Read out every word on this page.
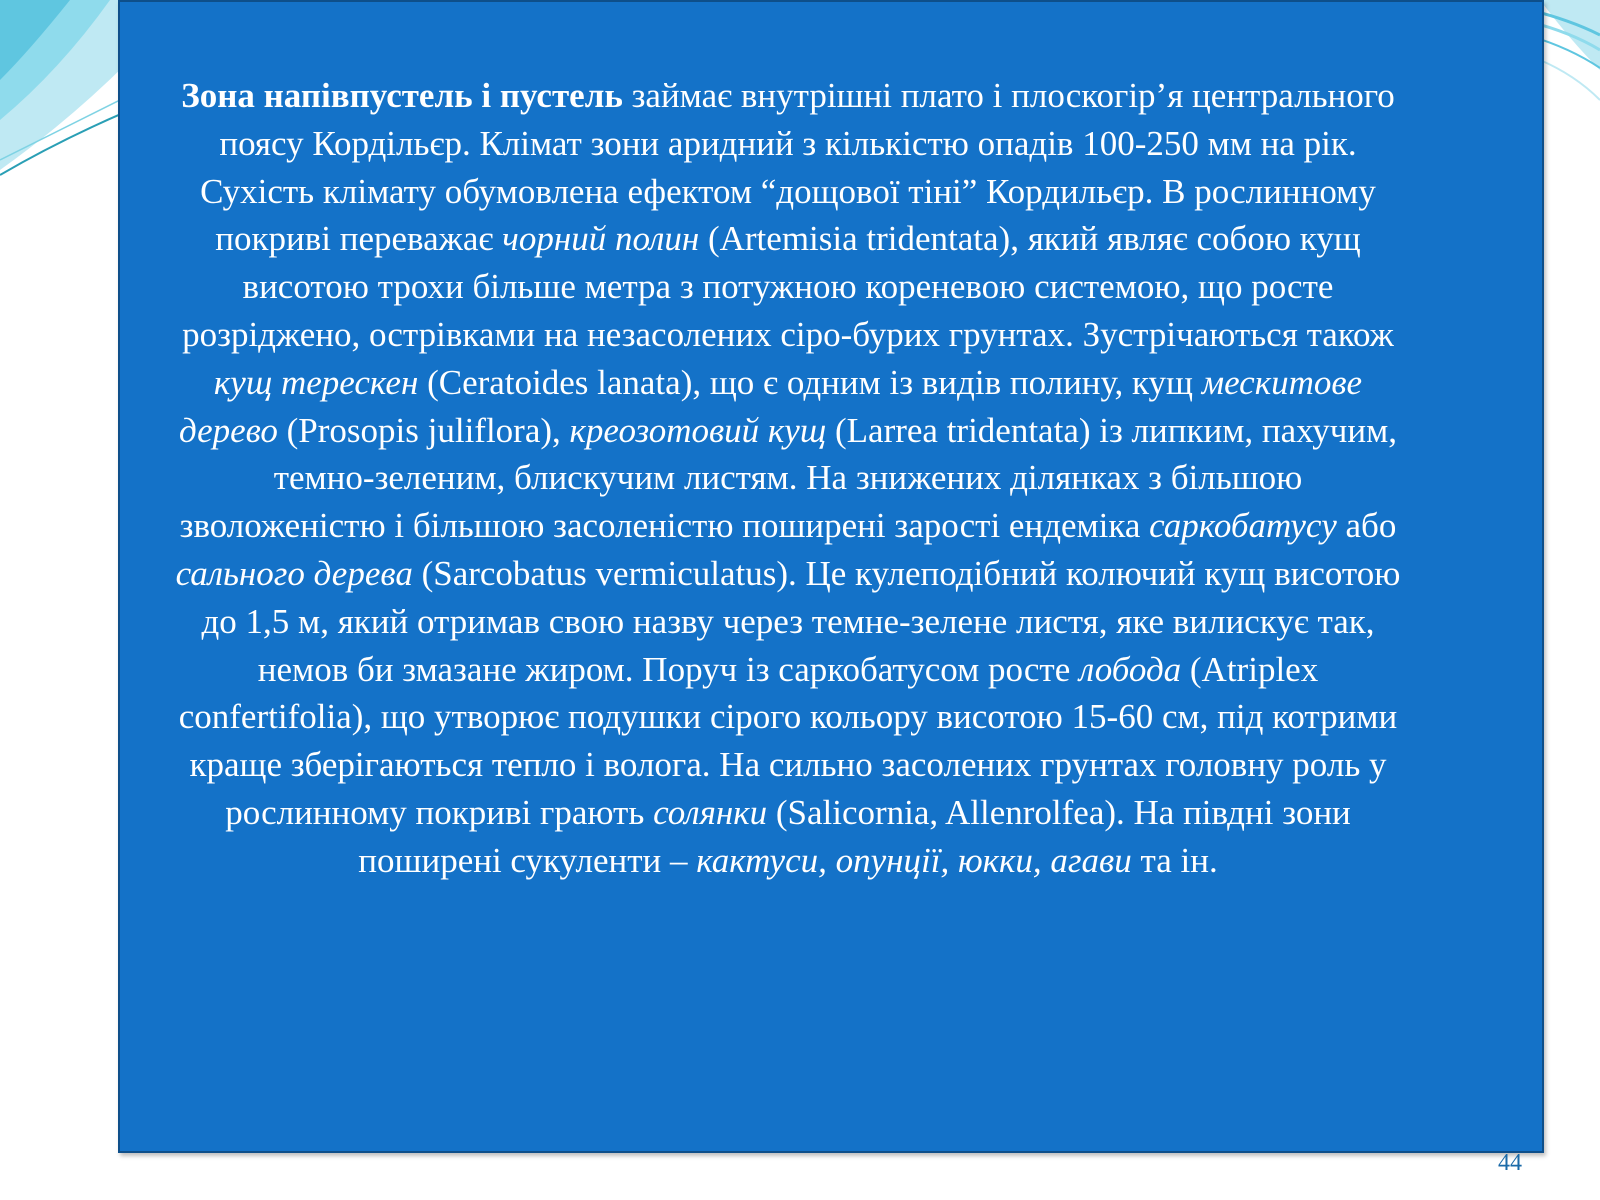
Зона напівпустель і пустель займає внутрішні плато і плоскогір’я центрального поясу Кордільєр. Клімат зони аридний з кількістю опадів 100-250 мм на рік. Сухість клімату обумовлена ефектом “дощової тіні” Кордильєр. В рослинному покриві переважає чорний полин (Artemisia tridentata), який являє собою кущ висотою трохи більше метра з потужною кореневою системою, що росте розріджено, острівками на незасолених сіро-бурих грунтах. Зустрічаються також кущ терескен (Ceratoides lanata), що є одним із видів полину, кущ мескитове дерево (Prosopis juliflora), креозотовий кущ (Larrea tridentata) із липким, пахучим, темно-зеленим, блискучим листям. На знижених ділянках з більшою зволоженістю і більшою засоленістю поширені зарості ендеміка саркобатусу або сального дерева (Sarcobatus vermiculatus). Це кулеподібний колючий кущ висотою до 1,5 м, який отримав свою назву через темне-зелене листя, яке вилискує так, немов би змазане жиром. Поруч із саркобатусом росте лобода (Atriplex confertifolia), що утворює подушки сірого кольору висотою 15-60 см, під котрими краще зберігаються тепло і волога. На сильно засолених грунтах головну роль у рослинному покриві грають солянки (Salicornia, Allenrolfea). На півдні зони поширені сукуленти – кактуси, опунції, юкки, агави та ін.

44
